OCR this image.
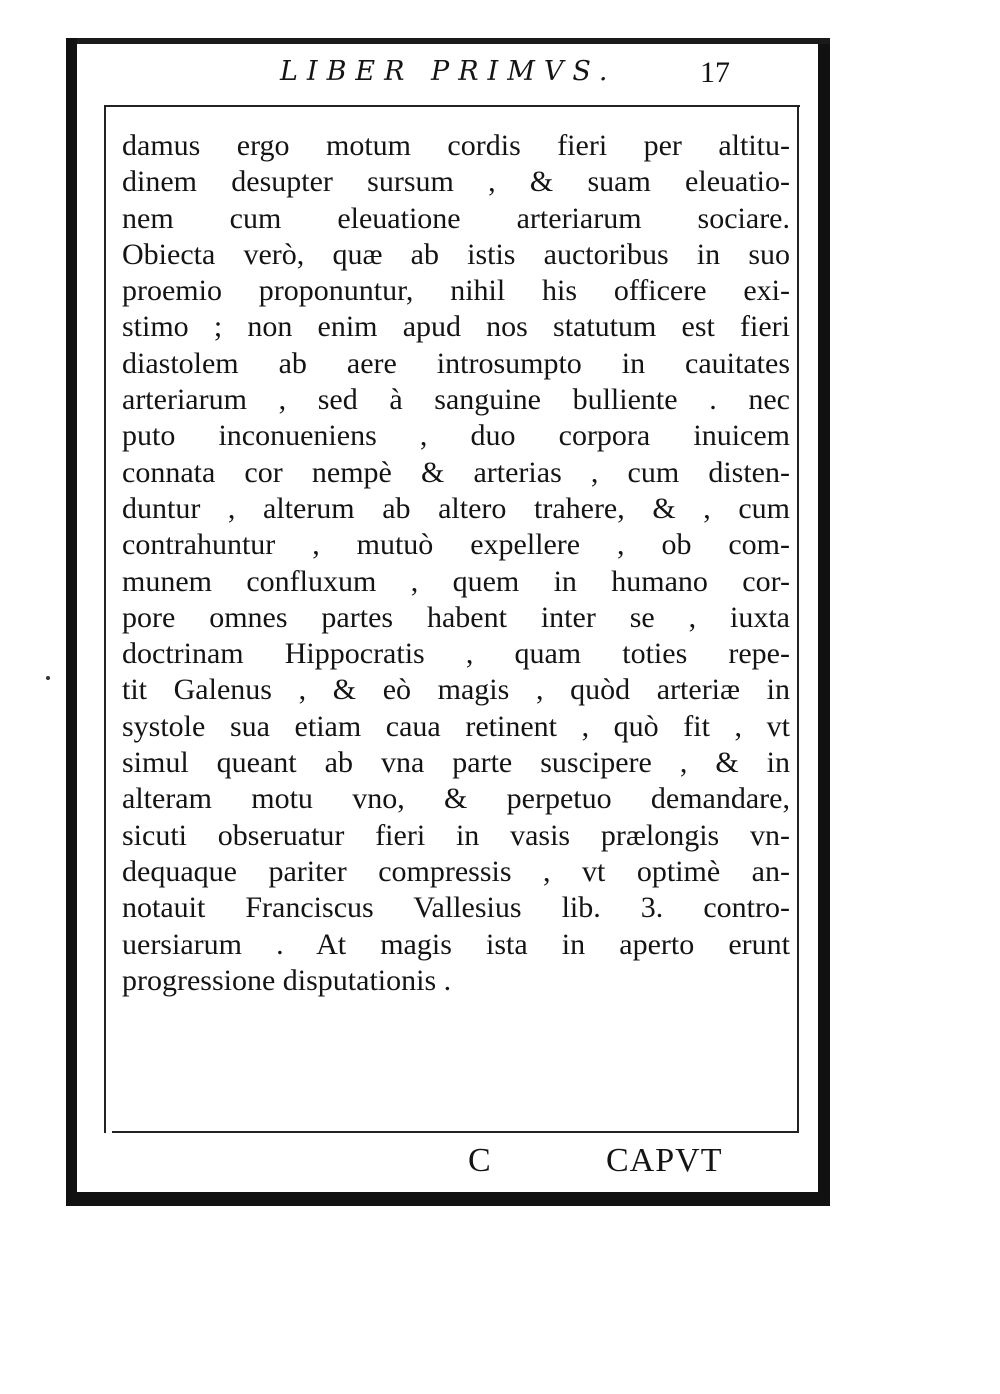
LIBER PRIMVS.	17
damus ergo motum cordis fieri per altitu-
dinem desupter sursum , & suam eleuatio-
nem cum eleuatione arteriarum sociare.
Obiecta verò, quæ ab istis auctoribus in suo
proemio proponuntur, nihil his officere exi-
stimo ; non enim apud nos statutum est fieri
diastolem ab aere introsumpto in cauitates
arteriarum , sed à sanguine bulliente . nec
puto inconueniens , duo corpora inuicem
connata cor nempè & arterias , cum disten-
duntur , alterum ab altero trahere, & , cum
contrahuntur , mutuò expellere , ob com-
munem confluxum , quem in humano cor-
pore omnes partes habent inter se , iuxta
doctrinam Hippocratis , quam toties repe-
tit Galenus , & eò magis , quòd arteriæ in
systole sua etiam caua retinent , quò fit , vt
simul queant ab vna parte suscipere , & in
alteram motu vno, & perpetuo demandare,
sicuti obseruatur fieri in vasis prælongis vn-
dequaque pariter compressis , vt optimè an-
notauit Franciscus Vallesius lib. 3. contro-
uersiarum . At magis ista in aperto erunt
progressione disputationis .
C	CAPVT
